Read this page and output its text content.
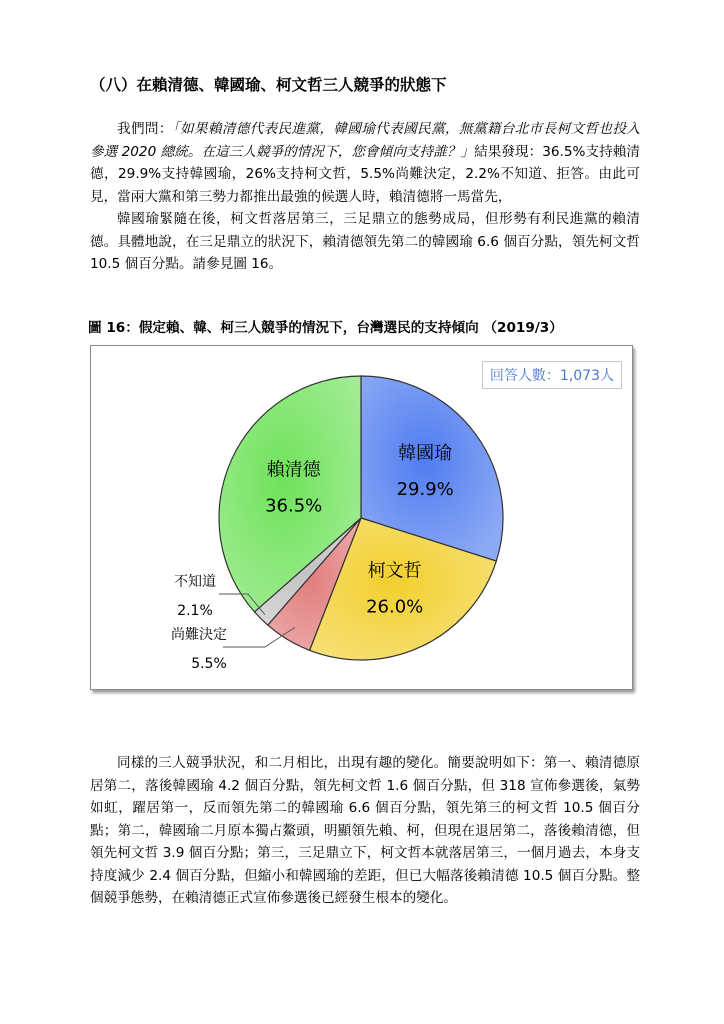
（八）在賴清德、韓國瑜、柯文哲三人競爭的狀態下

我們問：「如果賴清德代表民進黨，韓國瑜代表國民黨，無黨籍台北市長柯文哲也投入參選 2020 總統。在這三人競爭的情況下，您會傾向支持誰？」結果發現：36.5%支持賴清德，29.9%支持韓國瑜，26%支持柯文哲，5.5%尚難決定，2.2%不知道、拒答。由此可見，當兩大黨和第三勢力都推出最強的候選人時，賴清德將一馬當先，

韓國瑜緊隨在後，柯文哲落居第三，三足鼎立的態勢成局，但形勢有利民進黨的賴清德。具體地說，在三足鼎立的狀況下，賴清德領先第二的韓國瑜 6.6 個百分點，領先柯文哲 10.5 個百分點。請參見圖 16。

圖 16：假定賴、韓、柯三人競爭的情況下，台灣選民的支持傾向 （2019/3）
回答人數：1,073人
韓國瑜
29.9%
柯文哲
26.0%
尚難決定
5.5%
不知道
2.1%
賴清德
36.5%

同樣的三人競爭狀況，和二月相比，出現有趣的變化。簡要說明如下：第一、賴清德原居第二，落後韓國瑜 4.2 個百分點，領先柯文哲 1.6 個百分點，但 318 宣佈參選後，氣勢如虹，躍居第一，反而領先第二的韓國瑜 6.6 個百分點，領先第三的柯文哲 10.5 個百分點；第二，韓國瑜二月原本獨占鰲頭，明顯領先賴、柯，但現在退居第二，落後賴清德，但領先柯文哲 3.9 個百分點；第三，三足鼎立下，柯文哲本就落居第三，一個月過去，本身支持度減少 2.4 個百分點，但縮小和韓國瑜的差距，但已大幅落後賴清德 10.5 個百分點。整個競爭態勢，在賴清德正式宣佈參選後已經發生根本的變化。
